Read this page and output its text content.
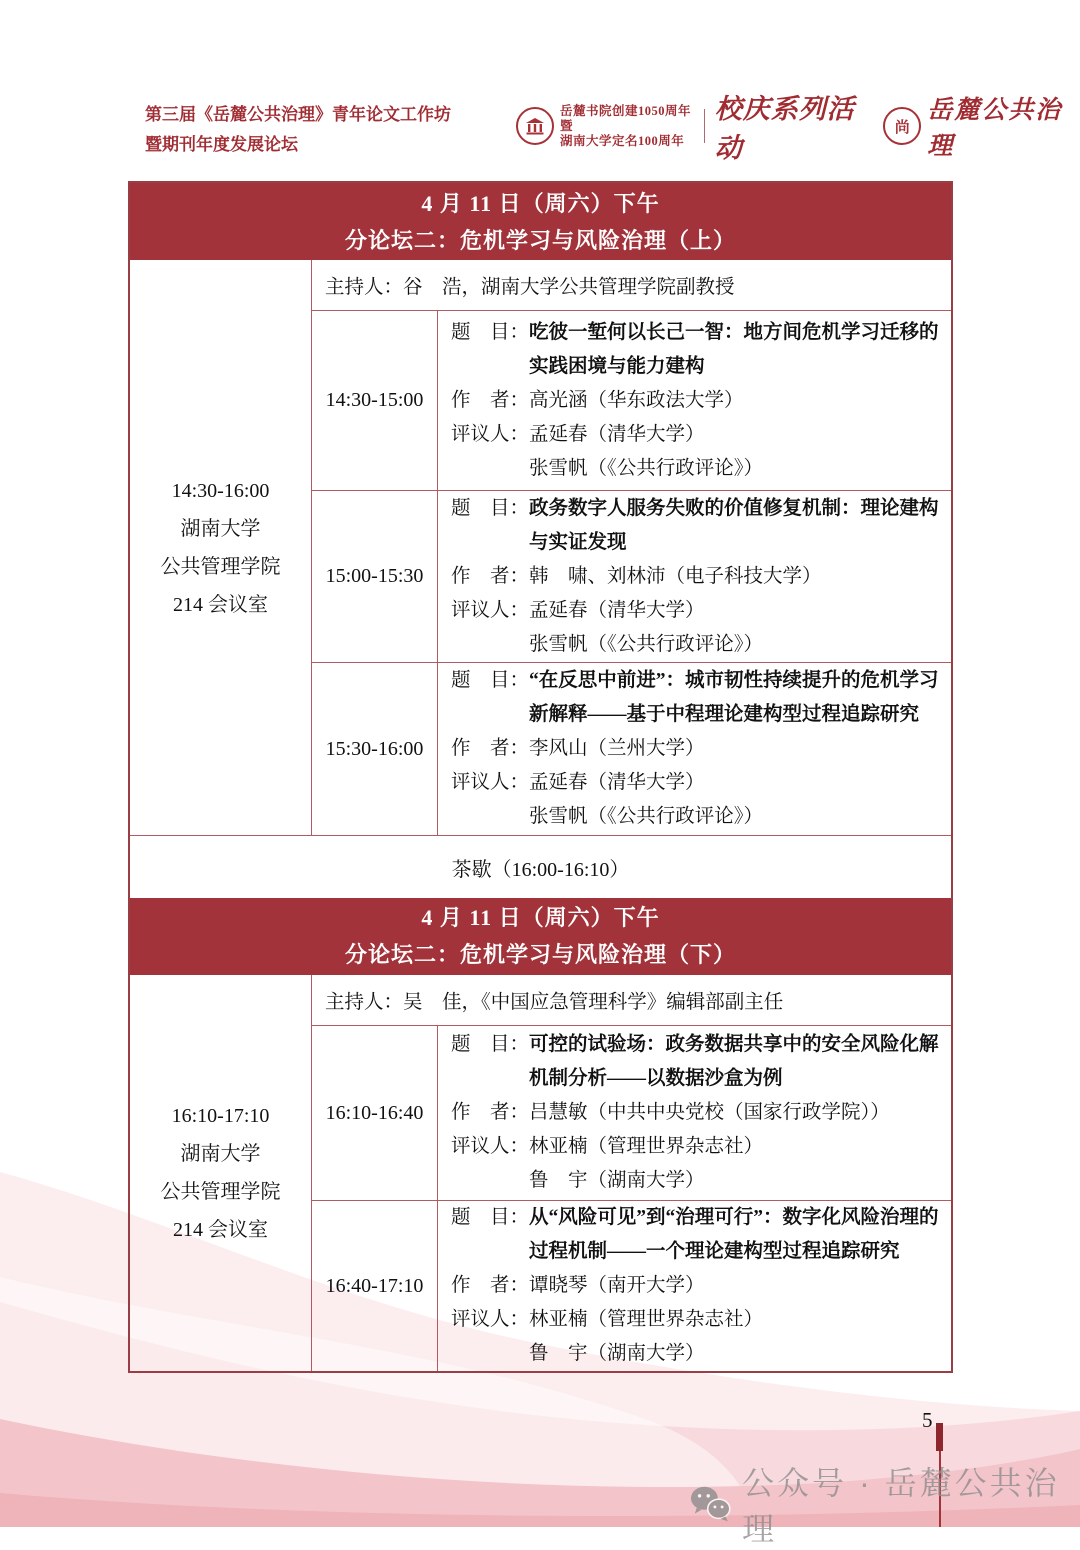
第三届《岳麓公共治理》青年论文工作坊
暨期刊年度发展论坛
岳麓书院创建1050周年暨
湖南大学定名100周年
校庆系列活动
尚
岳麓公共治理
4 月 11 日（周六）下午
分论坛二：危机学习与风险治理（上）
14:30-16:00
湖南大学
公共管理学院
214 会议室
主持人：谷　浩，湖南大学公共管理学院副教授
14:30-15:00
题　目： 吃彼一堑何以长己一智：地方间危机学习迁移的实践困境与能力建构
作　者： 高光涵（华东政法大学）
评议人： 孟延春（清华大学）
张雪帆（《公共行政评论》）
15:00-15:30
题　目： 政务数字人服务失败的价值修复机制：理论建构与实证发现
作　者： 韩　啸、刘林沛（电子科技大学）
评议人： 孟延春（清华大学）
张雪帆（《公共行政评论》）
15:30-16:00
题　目： “在反思中前进”：城市韧性持续提升的危机学习新解释——基于中程理论建构型过程追踪研究
作　者： 李风山（兰州大学）
评议人： 孟延春（清华大学）
张雪帆（《公共行政评论》）
茶歇（16:00-16:10）
4 月 11 日（周六）下午
分论坛二：危机学习与风险治理（下）
16:10-17:10
湖南大学
公共管理学院
214 会议室
主持人：吴　佳，《中国应急管理科学》编辑部副主任
16:10-16:40
题　目： 可控的试验场：政务数据共享中的安全风险化解机制分析——以数据沙盒为例
作　者： 吕慧敏（中共中央党校（国家行政学院））
评议人： 林亚楠（管理世界杂志社）
鲁　宇（湖南大学）
16:40-17:10
题　目： 从“风险可见”到“治理可行”：数字化风险治理的过程机制——一个理论建构型过程追踪研究
作　者： 谭晓琴（南开大学）
评议人： 林亚楠（管理世界杂志社）
鲁　宇（湖南大学）
5
公众号 · 岳麓公共治理
